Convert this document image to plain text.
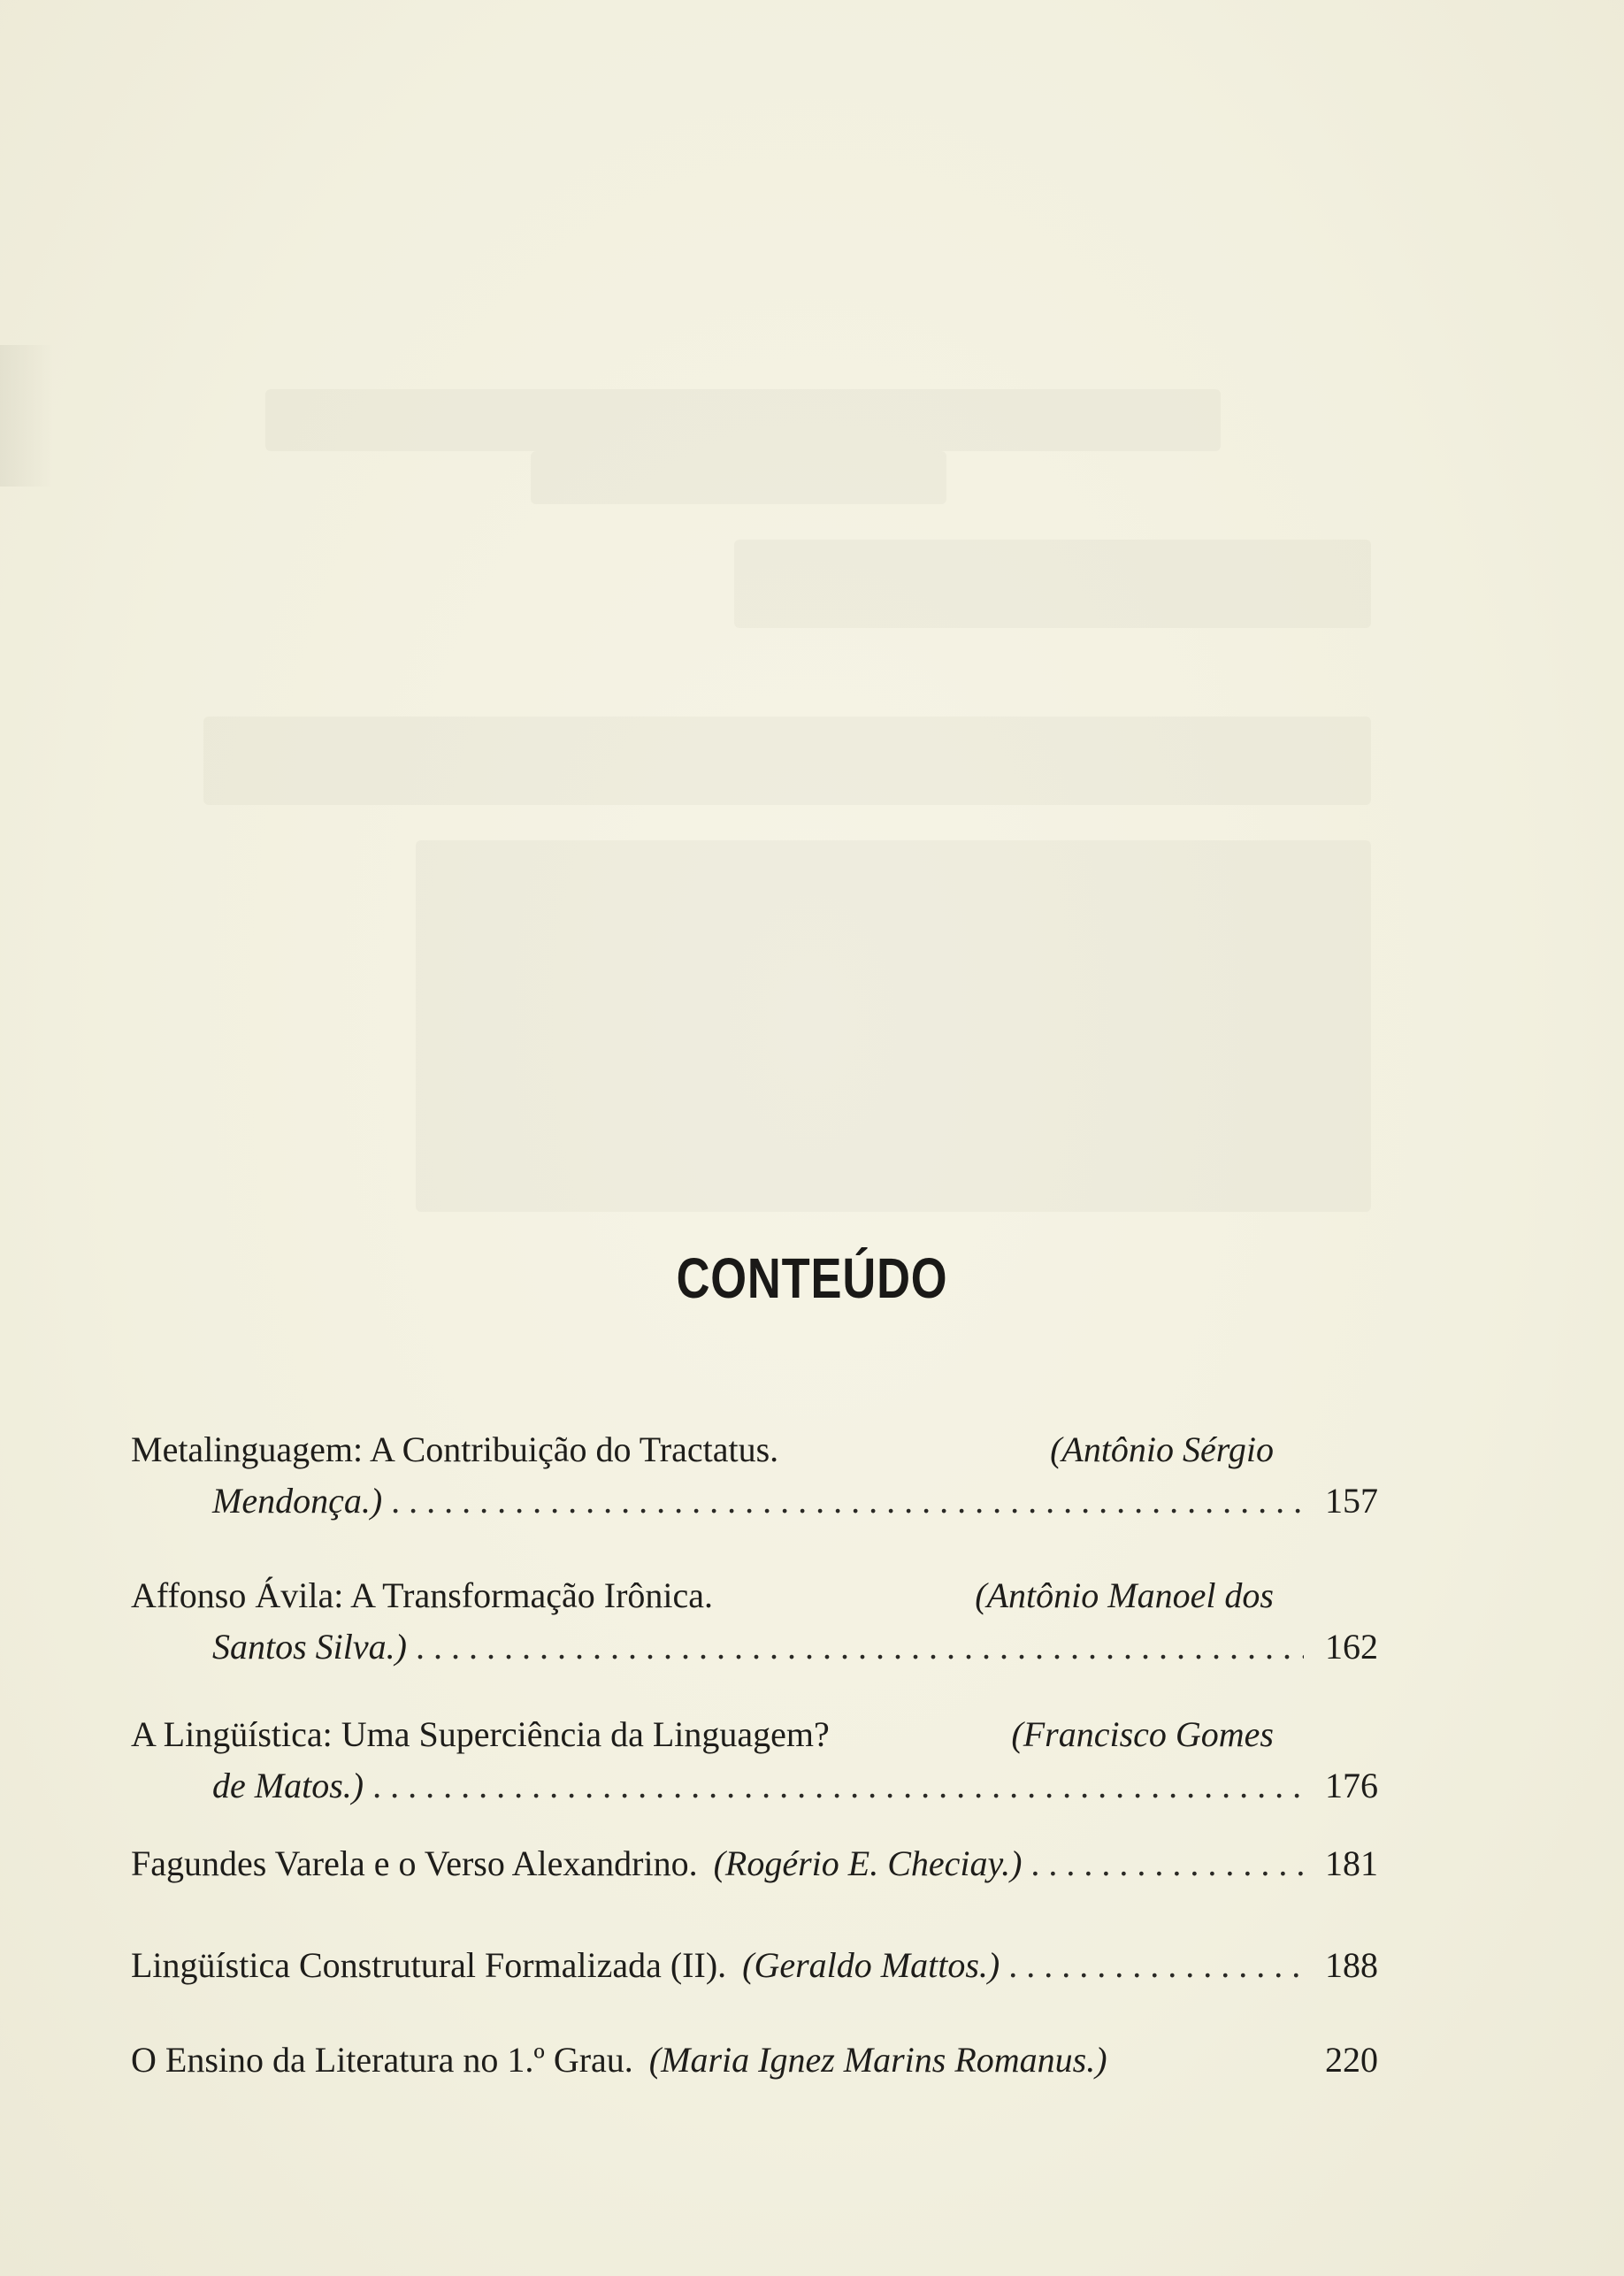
CONTEÚDO
Metalinguagem: A Contribuição do Tractatus.	(Antônio Sérgio
Mendonça.) . . .	157
Affonso Ávila: A Transformação Irônica.	(Antônio Manoel dos
Santos Silva.) . . .	162
A Lingüística: Uma Superciência da Linguagem?	(Francisco Gomes
de Matos.) . . .	176
Fagundes Varela e o Verso Alexandrino. (Rogério E. Checiay.) . . .	181
Lingüística Construtural Formalizada (II). (Geraldo Mattos.) . . .	188
O Ensino da Literatura no 1.º Grau. (Maria Ignez Marins Romanus.)	220
